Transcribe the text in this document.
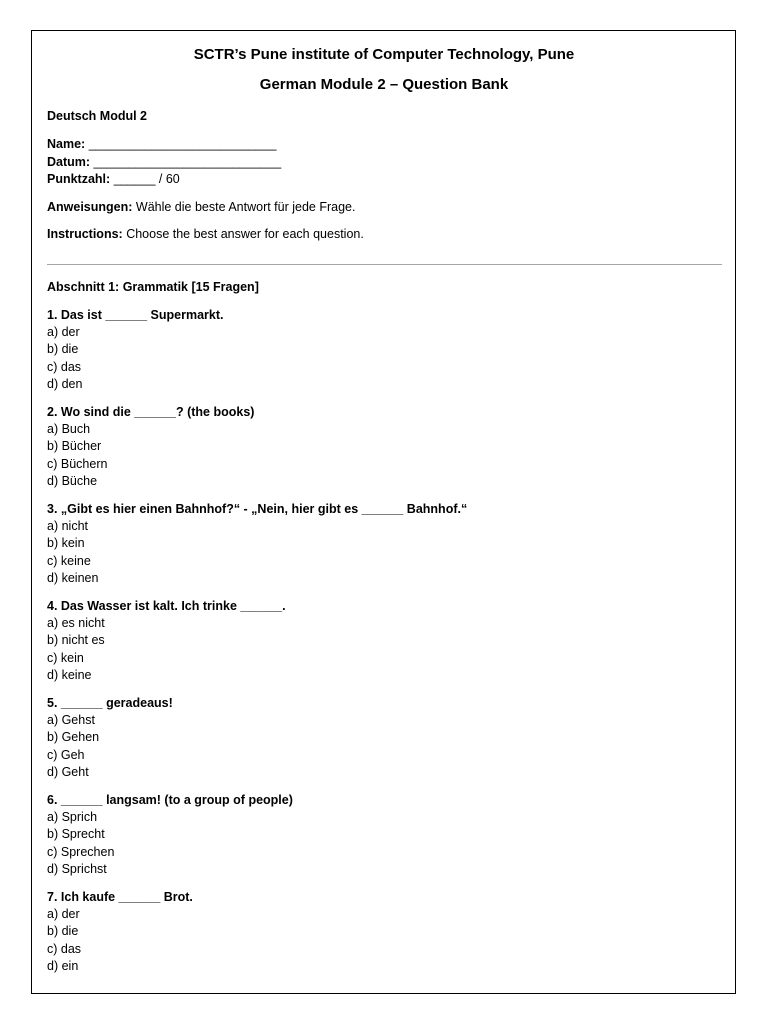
SCTR’s Pune institute of Computer Technology, Pune
German Module 2 – Question Bank
Deutsch Modul 2
Name: ___________________________
Datum: ___________________________
Punktzahl: ______ / 60
Anweisungen: Wähle die beste Antwort für jede Frage.
Instructions: Choose the best answer for each question.
Abschnitt 1: Grammatik [15 Fragen]
1. Das ist ______ Supermarkt.
a) der
b) die
c) das
d) den
2. Wo sind die ______? (the books)
a) Buch
b) Bücher
c) Büchern
d) Büche
3. „Gibt es hier einen Bahnhof?“ - „Nein, hier gibt es ______ Bahnhof.“
a) nicht
b) kein
c) keine
d) keinen
4. Das Wasser ist kalt. Ich trinke ______.
a) es nicht
b) nicht es
c) kein
d) keine
5. ______ geradeaus!
a) Gehst
b) Gehen
c) Geh
d) Geht
6. ______ langsam! (to a group of people)
a) Sprich
b) Sprecht
c) Sprechen
d) Sprichst
7. Ich kaufe ______ Brot.
a) der
b) die
c) das
d) ein
